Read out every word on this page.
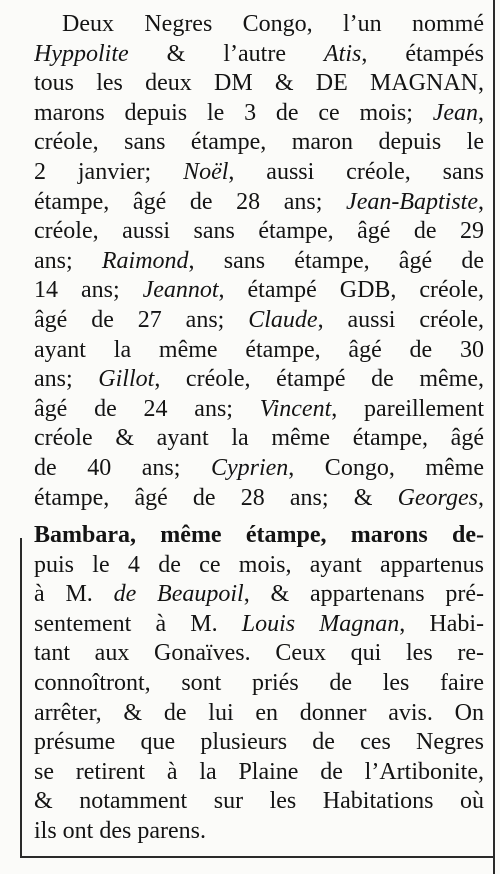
Deux Negres Congo, l’un nommé
Hyppolite & l’autre Atis, étampés
tous les deux DM & DE MAGNAN,
marons depuis le 3 de ce mois; Jean,
créole, sans étampe, maron depuis le
2 janvier; Noël, aussi créole, sans
étampe, âgé de 28 ans; Jean-Baptiste,
créole, aussi sans étampe, âgé de 29
ans; Raimond, sans étampe, âgé de
14 ans; Jeannot, étampé GDB, créole,
âgé de 27 ans; Claude, aussi créole,
ayant la même étampe, âgé de 30
ans; Gillot, créole, étampé de même,
âgé de 24 ans; Vincent, pareillement
créole & ayant la même étampe, âgé
de 40 ans; Cyprien, Congo, même
étampe, âgé de 28 ans; & Georges,
Bambara, même étampe, marons de-
puis le 4 de ce mois, ayant appartenus
à M. de Beaupoil, & appartenans pré-
sentement à M. Louis Magnan, Habi-
tant aux Gonaïves. Ceux qui les re-
connoîtront, sont priés de les faire
arrêter, & de lui en donner avis. On
présume que plusieurs de ces Negres
se retirent à la Plaine de l’Artibonite,
& notamment sur les Habitations où
ils ont des parens.
